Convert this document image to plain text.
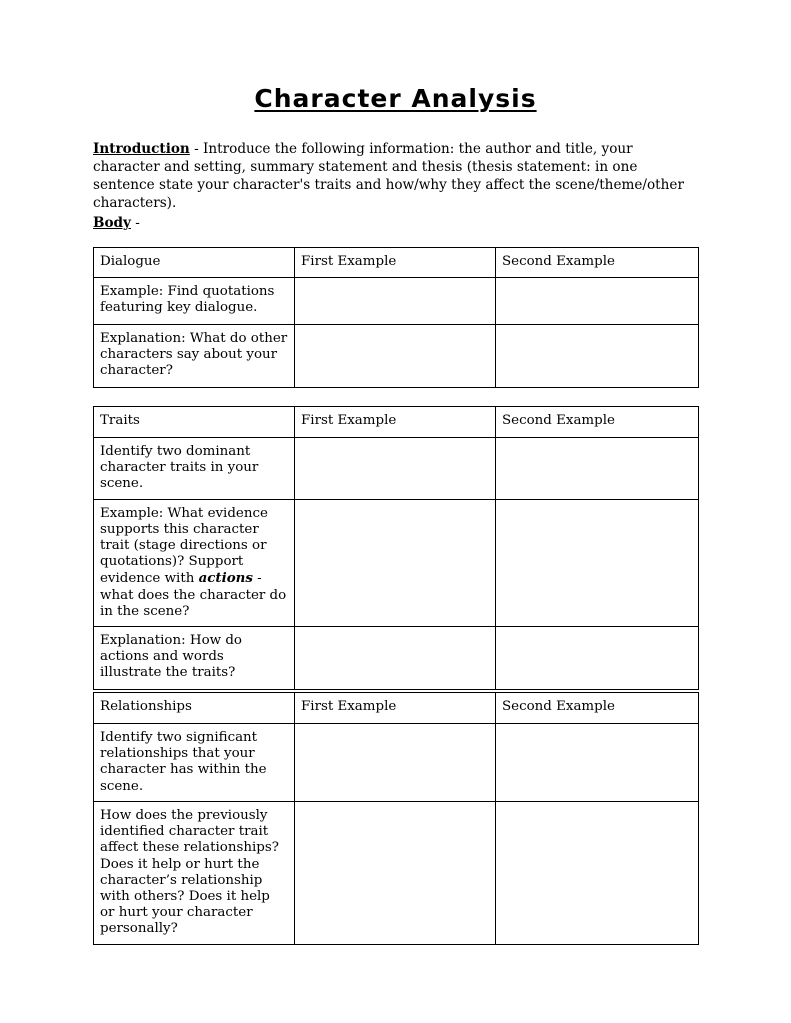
Character Analysis

Introduction - Introduce the following information: the author and title, your character and setting, summary statement and thesis (thesis statement: in one sentence state your character's traits and how/why they affect the scene/theme/other characters).

Body -

Dialogue	First Example	Second Example
Example: Find quotations featuring key dialogue.		
Explanation: What do other characters say about your character?		
Traits	First Example	Second Example
Identify two dominant character traits in your scene.		
Example: What evidence supports this character trait (stage directions or quotations)? Support evidence with actions - what does the character do in the scene?		
Explanation: How do actions and words illustrate the traits?		
Relationships	First Example	Second Example
Identify two significant relationships that your character has within the scene.		
How does the previously identified character trait affect these relationships? Does it help or hurt the character’s relationship with others? Does it help or hurt your character personally?		
